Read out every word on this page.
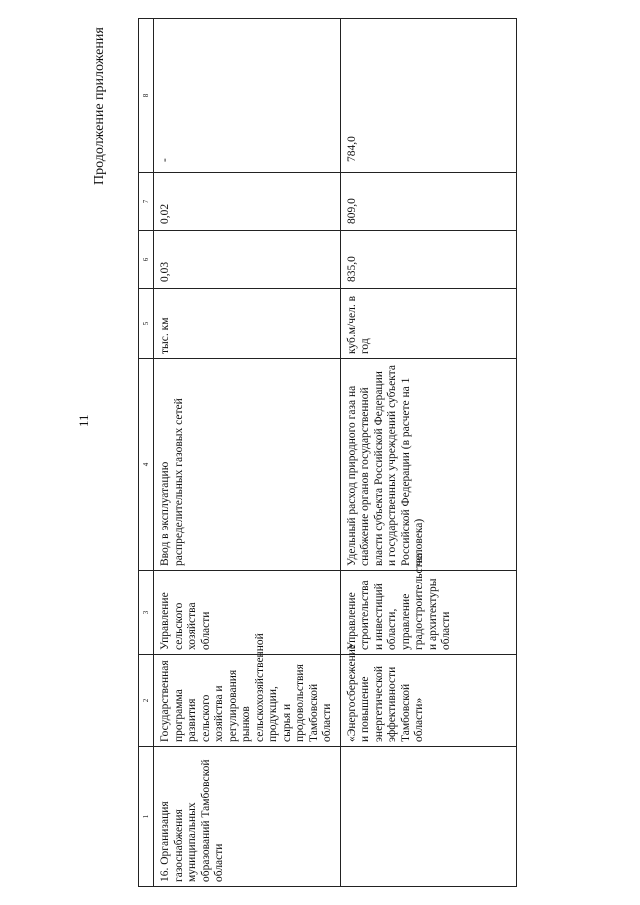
11
Продолжение приложения
1	2	3	4	5	6	7	8
16. Организация газоснабжения муниципальных образований Тамбовской области	Государственная программа развития сельского хозяйства и регулирования рынков сельскохозяйственной продукции, сырья и продовольствия Тамбовской области	Управление сельского хозяйства области	Ввод в эксплуатацию распределительных газовых сетей	тыс. км	0,03	0,02	-
	«Энергосбережение и повышение энергетической эффективности Тамбовской области»	Управление строительства и инвестиций области, управление градостроительства и архитектуры области	Удельный расход природного газа на снабжение органов государственной власти субъекта Российской Федерации и государственных учреждений субъекта Российской Федерации (в расчете на 1 человека)	куб.м/чел. в год	835,0	809,0	784,0
